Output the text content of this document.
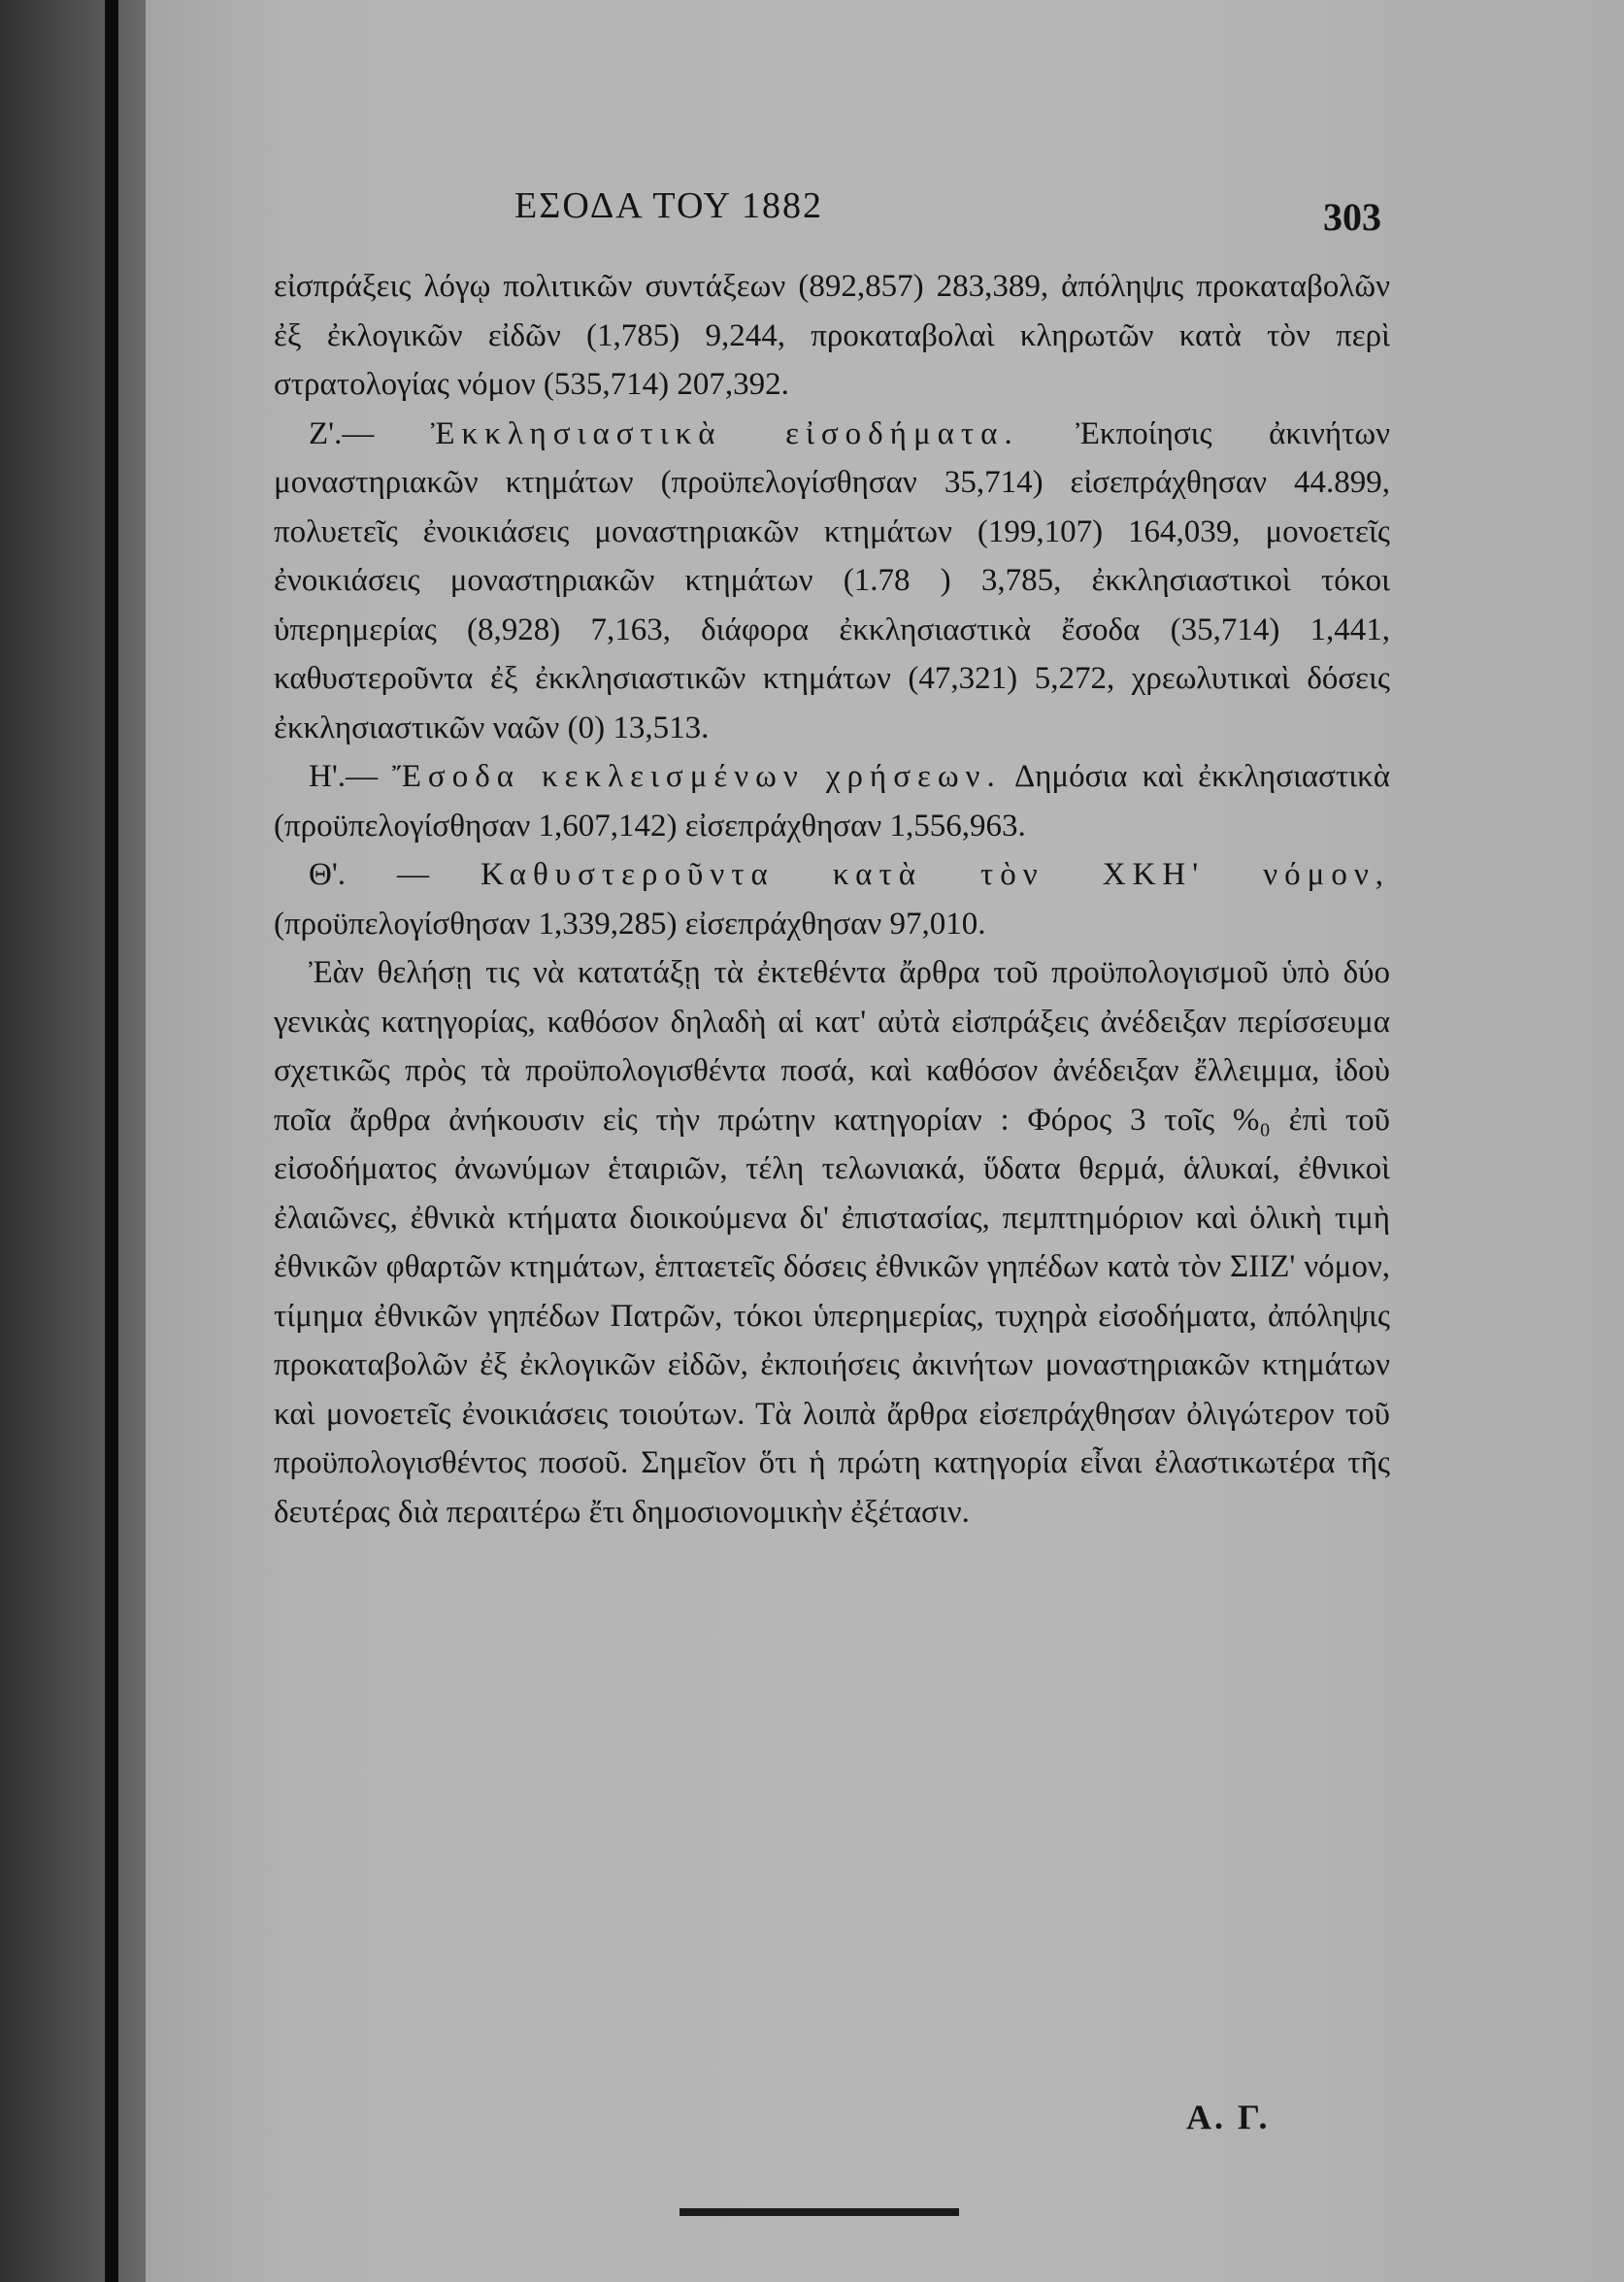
ΕΣΟΔΑ ΤΟΥ 1882	303

εἰσπράξεις λόγῳ πολιτικῶν συντάξεων (892,857) 283,389, ἀπόληψις προκαταβολῶν ἐξ ἐκλογικῶν εἰδῶν (1,785) 9,244, προκαταβολαὶ κληρωτῶν κατὰ τὸν περὶ στρατολογίας νόμον (535,714) 207,392.

Ζ'.— Ἐκκλησιαστικὰ εἰσοδήματα. Ἐκποίησις ἀκινήτων μοναστηριακῶν κτημάτων (προϋπελογίσθησαν 35,714) εἰσεπράχθησαν 44.899, πολυετεῖς ἐνοικιάσεις μοναστηριακῶν κτημάτων (199,107) 164,039, μονοετεῖς ἐνοικιάσεις μοναστηριακῶν κτημάτων (1.78 ) 3,785, ἐκκλησιαστικοὶ τόκοι ὑπερημερίας (8,928) 7,163, διάφορα ἐκκλησιαστικὰ ἔσοδα (35,714) 1,441, καθυστεροῦντα ἐξ ἐκκλησιαστικῶν κτημάτων (47,321) 5,272, χρεωλυτικαὶ δόσεις ἐκκλησιαστικῶν ναῶν (0) 13,513.

Η'.— Ἔσοδα κεκλεισμένων χρήσεων. Δημόσια καὶ ἐκκλησιαστικὰ (προϋπελογίσθησαν 1,607,142) εἰσεπράχθησαν 1,556,963.

Θ'. — Καθυστεροῦντα κατὰ τὸν ΧΚΗ' νόμον, (προϋπελογίσθησαν 1,339,285) εἰσεπράχθησαν 97,010.

Ἐὰν θελήσῃ τις νὰ κατατάξῃ τὰ ἐκτεθέντα ἄρθρα τοῦ προϋπολογισμοῦ ὑπὸ δύο γενικὰς κατηγορίας, καθόσον δηλαδὴ αἱ κατ' αὐτὰ εἰσπράξεις ἀνέδειξαν περίσσευμα σχετικῶς πρὸς τὰ προϋπολογισθέντα ποσά, καὶ καθόσον ἀνέδειξαν ἔλλειμμα, ἰδοὺ ποῖα ἄρθρα ἀνήκουσιν εἰς τὴν πρώτην κατηγορίαν : Φόρος 3 τοῖς %₀ ἐπὶ τοῦ εἰσοδήματος ἀνωνύμων ἑταιριῶν, τέλη τελωνιακά, ὕδατα θερμά, ἁλυκαί, ἐθνικοὶ ἐλαιῶνες, ἐθνικὰ κτήματα διοικούμενα δι' ἐπιστασίας, πεμπτημόριον καὶ ὁλικὴ τιμὴ ἐθνικῶν φθαρτῶν κτημάτων, ἑπταετεῖς δόσεις ἐθνικῶν γηπέδων κατὰ τὸν ΣΙΙΖ' νόμον, τίμημα ἐθνικῶν γηπέδων Πατρῶν, τόκοι ὑπερημερίας, τυχηρὰ εἰσοδήματα, ἀπόληψις προκαταβολῶν ἐξ ἐκλογικῶν εἰδῶν, ἐκποιήσεις ἀκινήτων μοναστηριακῶν κτημάτων καὶ μονοετεῖς ἐνοικιάσεις τοιούτων. Τὰ λοιπὰ ἄρθρα εἰσεπράχθησαν ὀλιγώτερον τοῦ προϋπολογισθέντος ποσοῦ. Σημεῖον ὅτι ἡ πρώτη κατηγορία εἶναι ἐλαστικωτέρα τῆς δευτέρας διὰ περαιτέρω ἔτι δημοσιονομικὴν ἐξέτασιν.

Α. Γ.
